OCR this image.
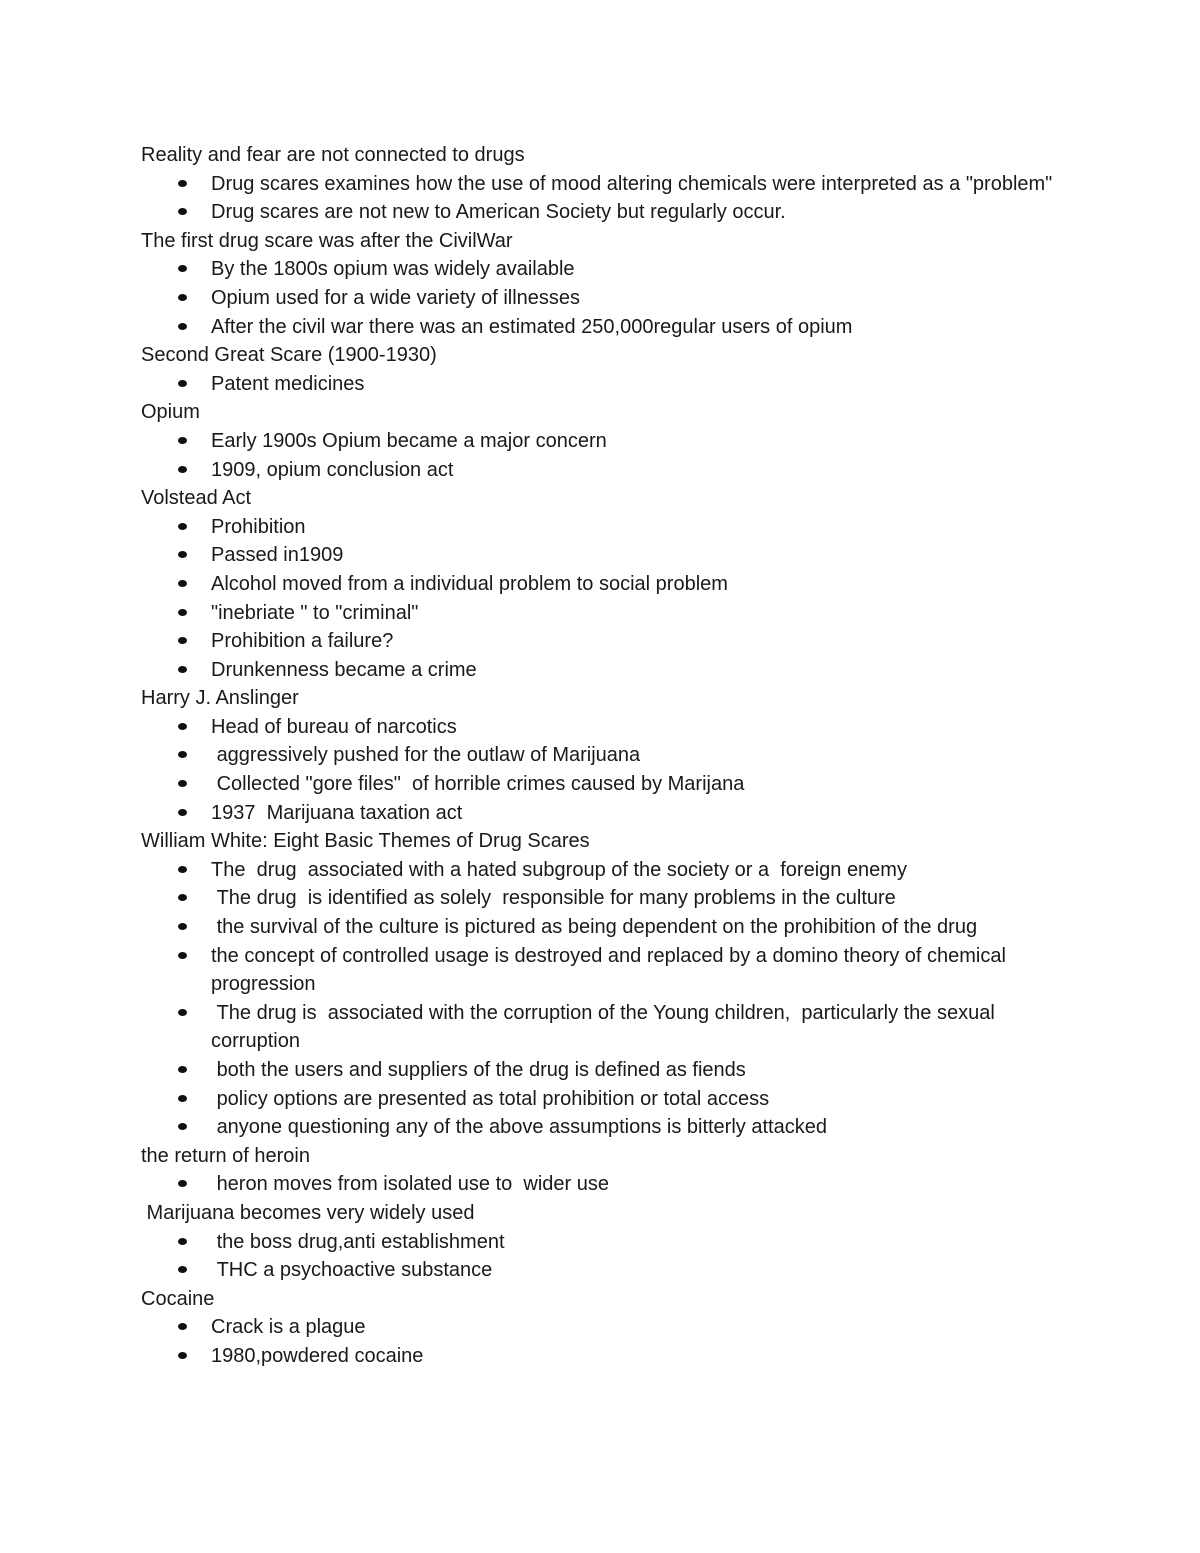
Reality and fear are not connected to drugs

Drug scares examines how the use of mood altering chemicals were interpreted as a "problem"
Drug scares are not new to American Society but regularly occur.

The first drug scare was after the CivilWar

By the 1800s opium was widely available
Opium used for a wide variety of illnesses
After the civil war there was an estimated 250,000regular users of opium

Second Great Scare (1900-1930)

Patent medicines

Opium

Early 1900s Opium became a major concern
1909, opium conclusion act

Volstead Act

Prohibition
Passed in1909
Alcohol moved from a individual problem to social problem
"inebriate " to "criminal"
Prohibition a failure?
Drunkenness became a crime

Harry J. Anslinger

Head of bureau of narcotics
aggressively pushed for the outlaw of Marijuana
Collected "gore files"  of horrible crimes caused by Marijana
1937  Marijuana taxation act

William White: Eight Basic Themes of Drug Scares

The  drug  associated with a hated subgroup of the society or a  foreign enemy
The drug  is identified as solely  responsible for many problems in the culture
the survival of the culture is pictured as being dependent on the prohibition of the drug
the concept of controlled usage is destroyed and replaced by a domino theory of chemical progression
The drug is  associated with the corruption of the Young children,  particularly the sexual corruption
both the users and suppliers of the drug is defined as fiends
policy options are presented as total prohibition or total access
anyone questioning any of the above assumptions is bitterly attacked

the return of heroin

heron moves from isolated use to  wider use

Marijuana becomes very widely used

the boss drug,anti establishment
THC a psychoactive substance

Cocaine

Crack is a plague
1980,powdered cocaine
